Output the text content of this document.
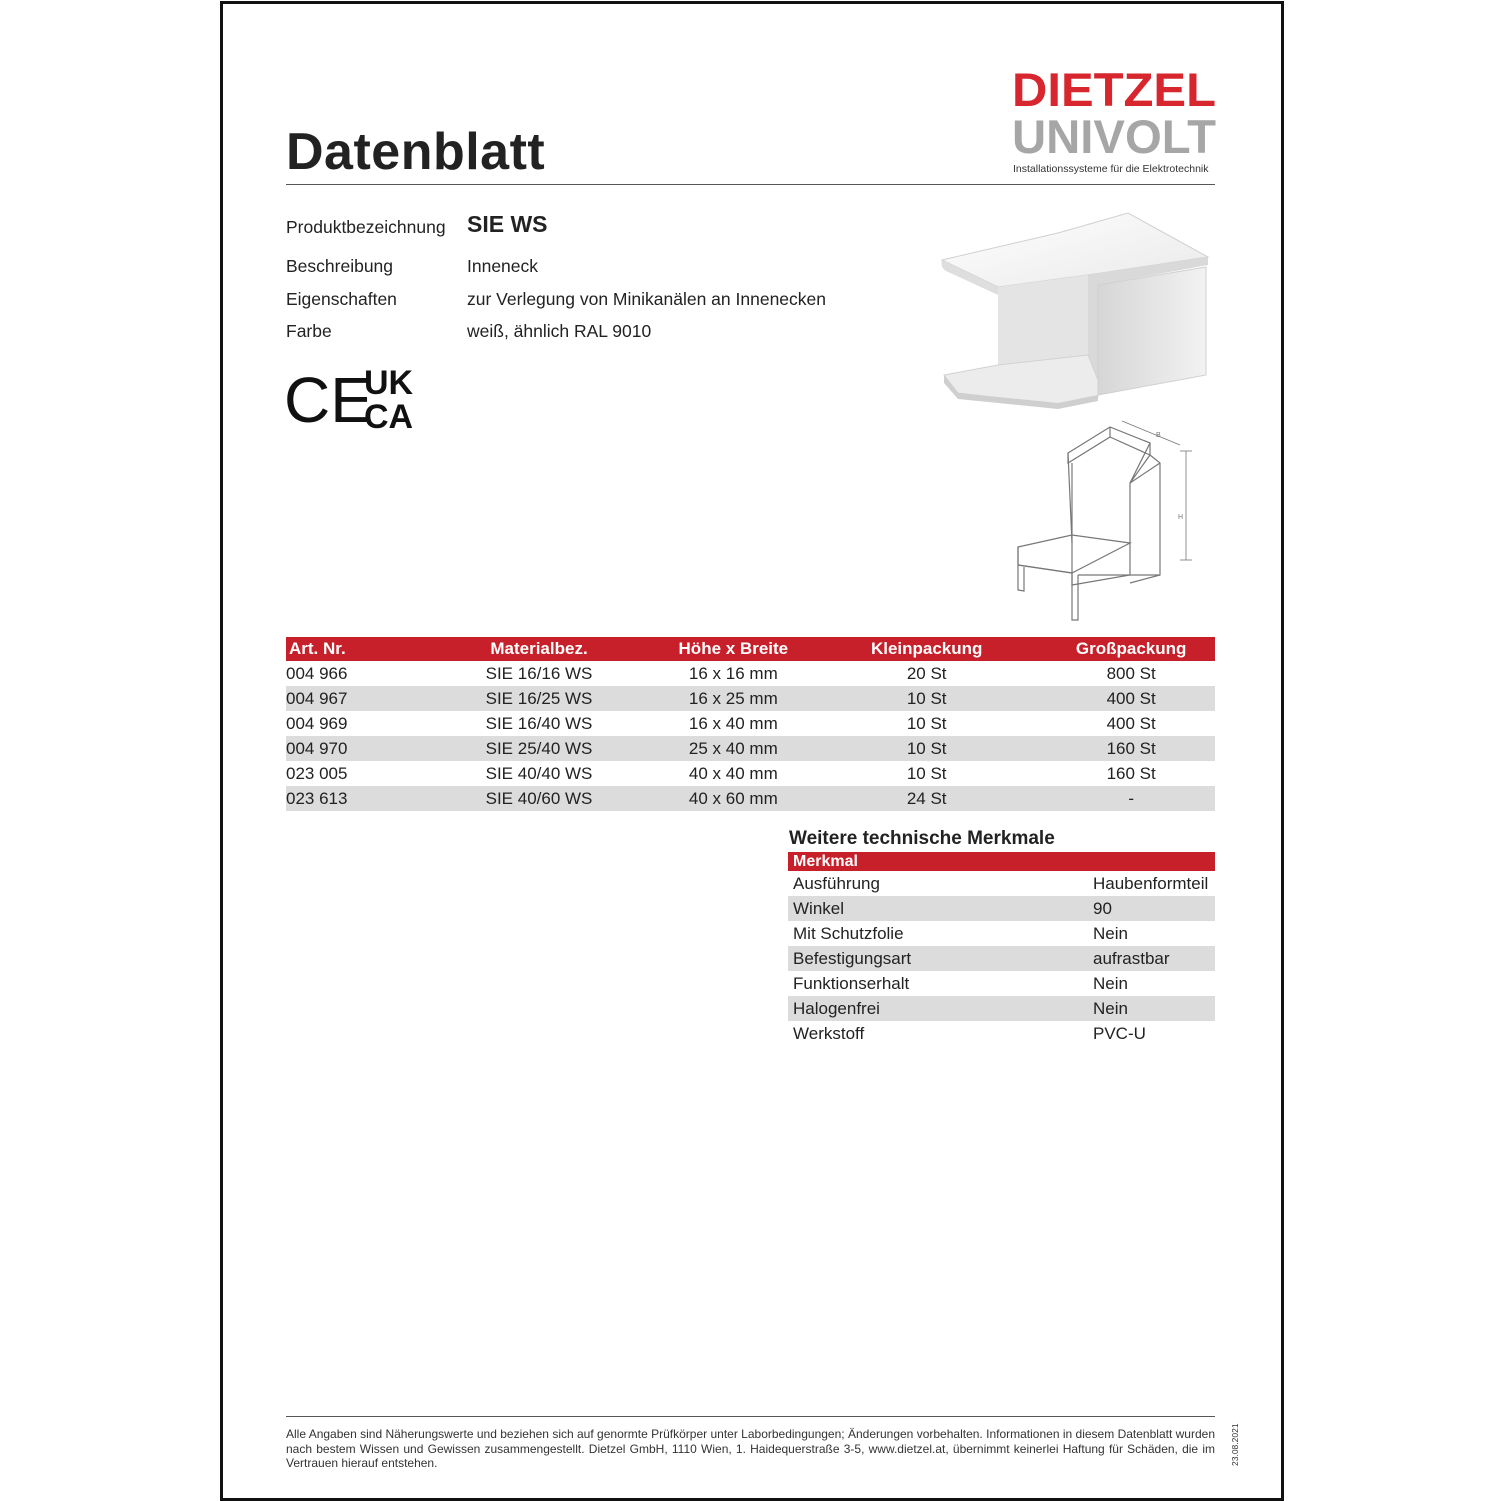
Datenblatt
DIETZEL
UNIVOLT
Installationssysteme für die Elektrotechnik
Produktbezeichnung SIE WS
Beschreibung	Inneneck
Eigenschaften	zur Verlegung von Minikanälen an Innenecken
Farbe	weiß, ähnlich RAL 9010
CE
UK
CA	B
H
Art. Nr.	Materialbez.	Höhe x Breite	Kleinpackung	Großpackung
004 966	SIE 16/16 WS	16 x 16 mm	20 St	800 St
004 967	SIE 16/25 WS	16 x 25 mm	10 St	400 St
004 969	SIE 16/40 WS	16 x 40 mm	10 St	400 St
004 970	SIE 25/40 WS	25 x 40 mm	10 St	160 St
023 005	SIE 40/40 WS	40 x 40 mm	10 St	160 St
023 613	SIE 40/60 WS	40 x 60 mm	24 St	-
Weitere technische Merkmale
Merkmal	
Ausführung	Haubenformteil
Winkel	90
Mit Schutzfolie	Nein
Befestigungsart	aufrastbar
Funktionserhalt	Nein
Halogenfrei	Nein
Werkstoff	PVC-U
Alle Angaben sind Näherungswerte und beziehen sich auf genormte Prüfkörper unter Laborbedingungen; Änderungen vorbehalten. Informationen in diesem Datenblatt wurden nach bestem Wissen und Gewissen zusammengestellt. Dietzel GmbH, 1110 Wien, 1. Haidequerstraße 3-5, www.dietzel.at, übernimmt keinerlei Haftung für Schäden, die im Vertrauen hierauf entstehen.	23.08.2021
